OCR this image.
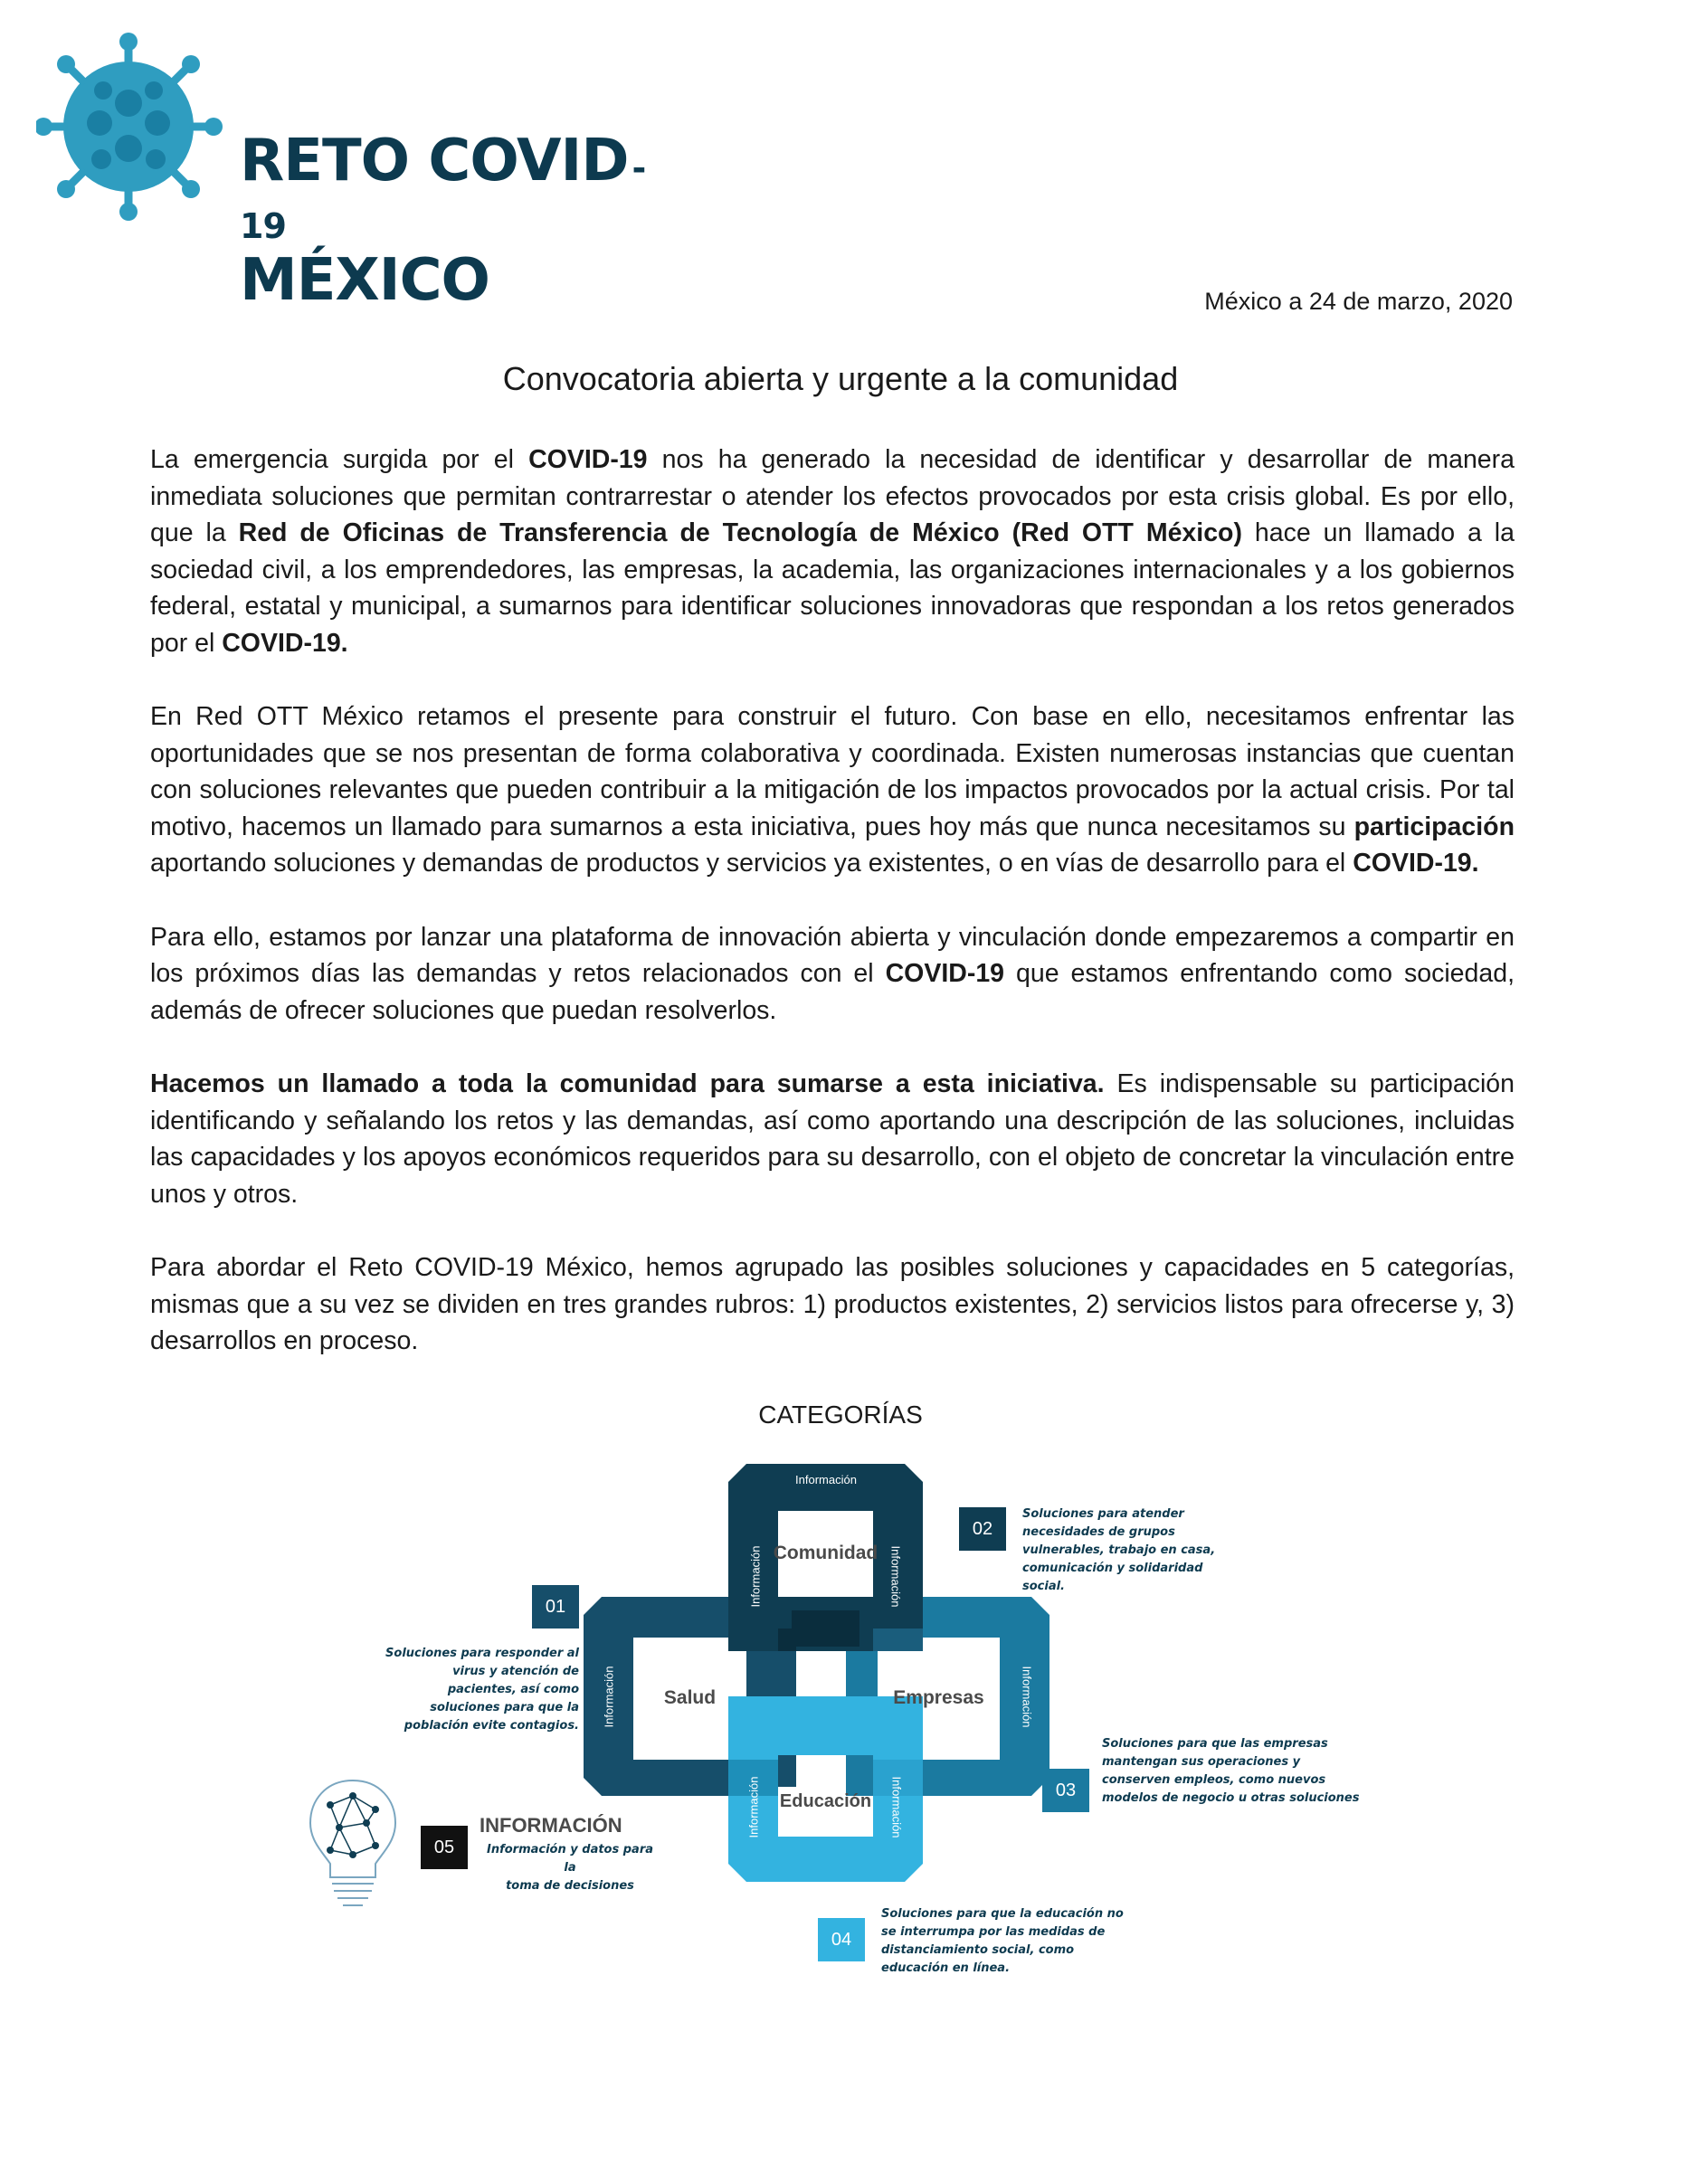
RETO COVID -19
MÉXICO	México a 24 de marzo, 2020
Convocatoria abierta y urgente a la comunidad

La emergencia surgida por el COVID-19 nos ha generado la necesidad de identificar y desarrollar de manera inmediata soluciones que permitan contrarrestar o atender los efectos provocados por esta crisis global. Es por ello, que la Red de Oficinas de Transferencia de Tecnología de México (Red OTT México) hace un llamado a la sociedad civil, a los emprendedores, las empresas, la academia, las organizaciones internacionales y a los gobiernos federal, estatal y municipal, a sumarnos para identificar soluciones innovadoras que respondan a los retos generados por el COVID-19.

En Red OTT México retamos el presente para construir el futuro. Con base en ello, necesitamos enfrentar las oportunidades que se nos presentan de forma colaborativa y coordinada. Existen numerosas instancias que cuentan con soluciones relevantes que pueden contribuir a la mitigación de los impactos provocados por la actual crisis. Por tal motivo, hacemos un llamado para sumarnos a esta iniciativa, pues hoy más que nunca necesitamos su participación aportando soluciones y demandas de productos y servicios ya existentes, o en vías de desarrollo para el COVID-19.

Para ello, estamos por lanzar una plataforma de innovación abierta y vinculación donde empezaremos a compartir en los próximos días las demandas y retos relacionados con el COVID-19 que estamos enfrentando como sociedad, además de ofrecer soluciones que puedan resolverlos.

Hacemos un llamado a toda la comunidad para sumarse a esta iniciativa. Es indispensable su participación identificando y señalando los retos y las demandas, así como aportando una descripción de las soluciones, incluidas las capacidades y los apoyos económicos requeridos para su desarrollo, con el objeto de concretar la vinculación entre unos y otros.

Para abordar el Reto COVID-19 México, hemos agrupado las posibles soluciones y capacidades en 5 categorías, mismas que a su vez se dividen en tres grandes rubros: 1) productos existentes, 2) servicios listos para ofrecerse y, 3) desarrollos en proceso.

CATEGORÍAS
Información
Información	Información
Información	Información
Información	Información
Comunidad
Salud	Empresas
Educación
02
01
03
04
05
Soluciones para atender
necesidades de grupos
vulnerables, trabajo en casa,
comunicación y solidaridad
social.
Soluciones para responder al
virus y atención de
pacientes, así como
soluciones para que la
población evite contagios.
Soluciones para que las empresas
mantengan sus operaciones y
conserven empleos, como nuevos
modelos de negocio u otras soluciones
Soluciones para que la educación no
se interrumpa por las medidas de
distanciamiento social, como
educación en línea.
INFORMACIÓN
Información y datos para la
toma de decisiones
